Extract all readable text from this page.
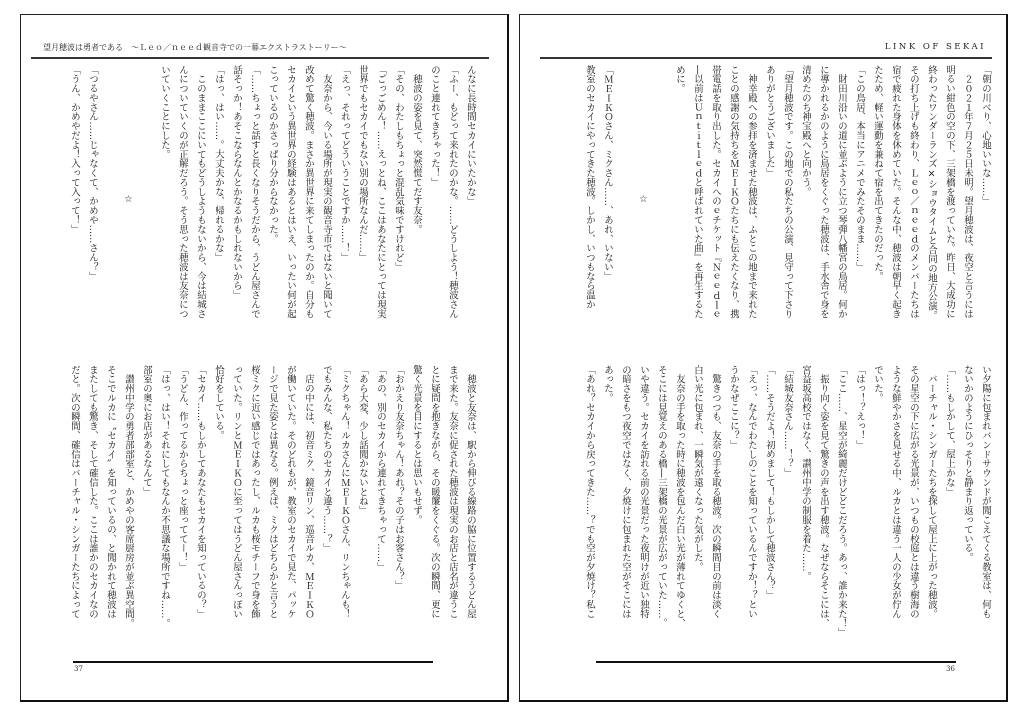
望月穂波は勇者である　～Ｌｅｏ／ｎｅｅｄ観音寺での一幕エクストラストーリー～
んなに長時間セカイにいたかな」
「ふー、もどって来れたのかな。……どうしよう！穂波さん
のこと連れてきちゃった！」
　穂波の姿を見て、突然慌てだす友奈。
「その、わたしもちょっと混乱気味ですけれど」
「ごっごめん！……えっとね、ここはあなたにとっては現実
世界でもセカイでもない別の場所なんだ……」
「えっ、それってどういうことですか……！」
　友奈から、今いる場所が現実の観音寺市ではないと聞いて
改めて驚く穂波。まさか異世界に来てしまったのか。自分も
セカイという異世界の経験はあるとはいえ、いったい何が起
こっているのかさっぱり分からなかった。
「……ちょっと話すと長くなりそうだから、うどん屋さんで
話そっか！あそこならなんとかなるかもしれないから」
「はっ、はい……。大丈夫かな、帰れるかな」
　このままここにいてもどうしようもないから、今は結城さ
んについていくのが正解だろう。そう思った穂波は友奈につ
いていくことにした。
☆
「つるやさん……じゃなくて、かめや……さん？」
「うん、かめやだよ！入って入って！」
　穂波と友奈は、駅から伸びる線路の脇に位置するうどん屋
まで来た。友奈に促された穂波は現実のお店と店名が違うこ
とに疑問を抱きながら、その暖簾をくぐる。次の瞬間、更に
驚く光景を目にするとは思いもせず。
「おかえり友奈ちゃん！あれ？その子はお客さん？」
「あの、別のセカイから連れてきちゃって……」
「あら大変、少し話聞かないとね」
「ミクちゃん！ルカさんにＭＥＩＫＯさん、リンちゃんも！
でもみんな、私たちのセカイと違う……？」
　店の中には、初音ミク、鏡音リン、巡音ルカ、ＭＥＩＫＯ
が働いていた。そのどれもが、教室のセカイで見た、パッケ
ージで見た姿とは異なる。例えば、ミクはどちらかと言うと
桜ミクに近い感じではあったし、ルカも桜モチーフで身を飾
っていた。リンとＭＥＩＫＯに至ってはうどん屋さんっぽい
恰好をしている。
「セカイ……もしかしてあなたもセカイを知っているの？」
「うどん、作ってるからちょっと座っててー！」
「はっ、はい！それにしてもなんか不思議な場所ですね……。
部室の奥にお店があるなんて」
　讃州中学の勇者部部室と、かめやの客席厨房が並ぶ異空間。
そこでルカに〝セカイ〟を知っているの、と聞かれて穂波は
またしても驚き、そして確信した。ここは誰かのセカイなの
だと。次の瞬間、確信はバーチャル・シンガーたちによって
37
LINK OF SEKAI
「朝の川べり、心地いいな……」
　２０２１年７月２５日未明。望月穂波は、夜空と言うには
明るい紺色の空の下、三架橋を渡っていた。昨日、大成功に
終わったワンダーランズ×ショウタイムと合同の地方公演。
その打ち上げも終わり、Ｌｅｏ／ｎｅｅｄのメンバーたちは
宿で疲れた身体を休めていた。そんな中、穂波は朝早く起き
たため、軽い運動を兼ねて宿を出てきたのだった。
「この鳥居、本当にアニメでみたそのまま……」
　財田川沿いの道に並ぶように立つ琴弾八幡宮の鳥居。何か
に導かれるかのように鳥居をくぐった穂波は、手水舎で身を
清めたのち神宝殿へと向かう。
「望月穂波です。この地での私たちの公演、見守って下さり
ありがとうございました」
　神幸殿への参拝を済ませた穂波は、ふとこの地まで来れた
ことの感謝の気持ちをＭＥＩＫＯたちにも伝えたくなり、携
帯電話を取り出した。セカイへのｅチケット『Ｎｅｅｄｌｅ
―以前はＵｎｔｉｔｌｅｄと呼ばれていた曲』を再生するた
めに。
☆
「ＭＥＩＫＯさん、ミクさん……、あれ、いない」
教室のセカイにやってきた穂波。しかし、いつもなら温か
い夕陽に包まれバンドサウンドが聞こえてくる教室は、何も
ないかのようにひっそりと静まり返っている。
「……もしかして、屋上かな」
　バーチャル・シンガーたちを探して屋上に上がった穂波。
その星空の下に広がる光景が、いつもの校庭とは違う樹海の
ような鮮やかさを見せる中、ルカとは違う一人の少女が佇ん
でいた。
「はっ！？えっ！」
「ここ……、星空が綺麗だけどどこだろう。あっ、誰か来た！」
　振り向く姿を見て驚きの声を出す穂波。なぜならそこには、
宮益坂高校ではなく、讃州中学の制服を着た……。
「結城友奈さん……！？」
「……そうだよ！初めまして！もしかして穂波さん？」
「えっ、なんでわたしのことを知っているんですか！？とい
うかなぜここに？」
　驚きつつも、友奈の手を取る穂波。次の瞬間目の前は淡く
白い光に包まれ、一瞬気が遠くなった気がした。
　友奈の手を取った時に穂波を包んだ白い光が薄れてゆくと、
そこには見覚えのある橋―三架橋の光景が広がっていた……。
いや違う。セカイを訪れる前の光景だった夜明けが近い独特
の暗さをもつ夜空ではなく、夕焼けに包まれた空がそこには
あった。
「あれ？セカイから戻ってきた……？でも空が夕焼け？私こ
36
